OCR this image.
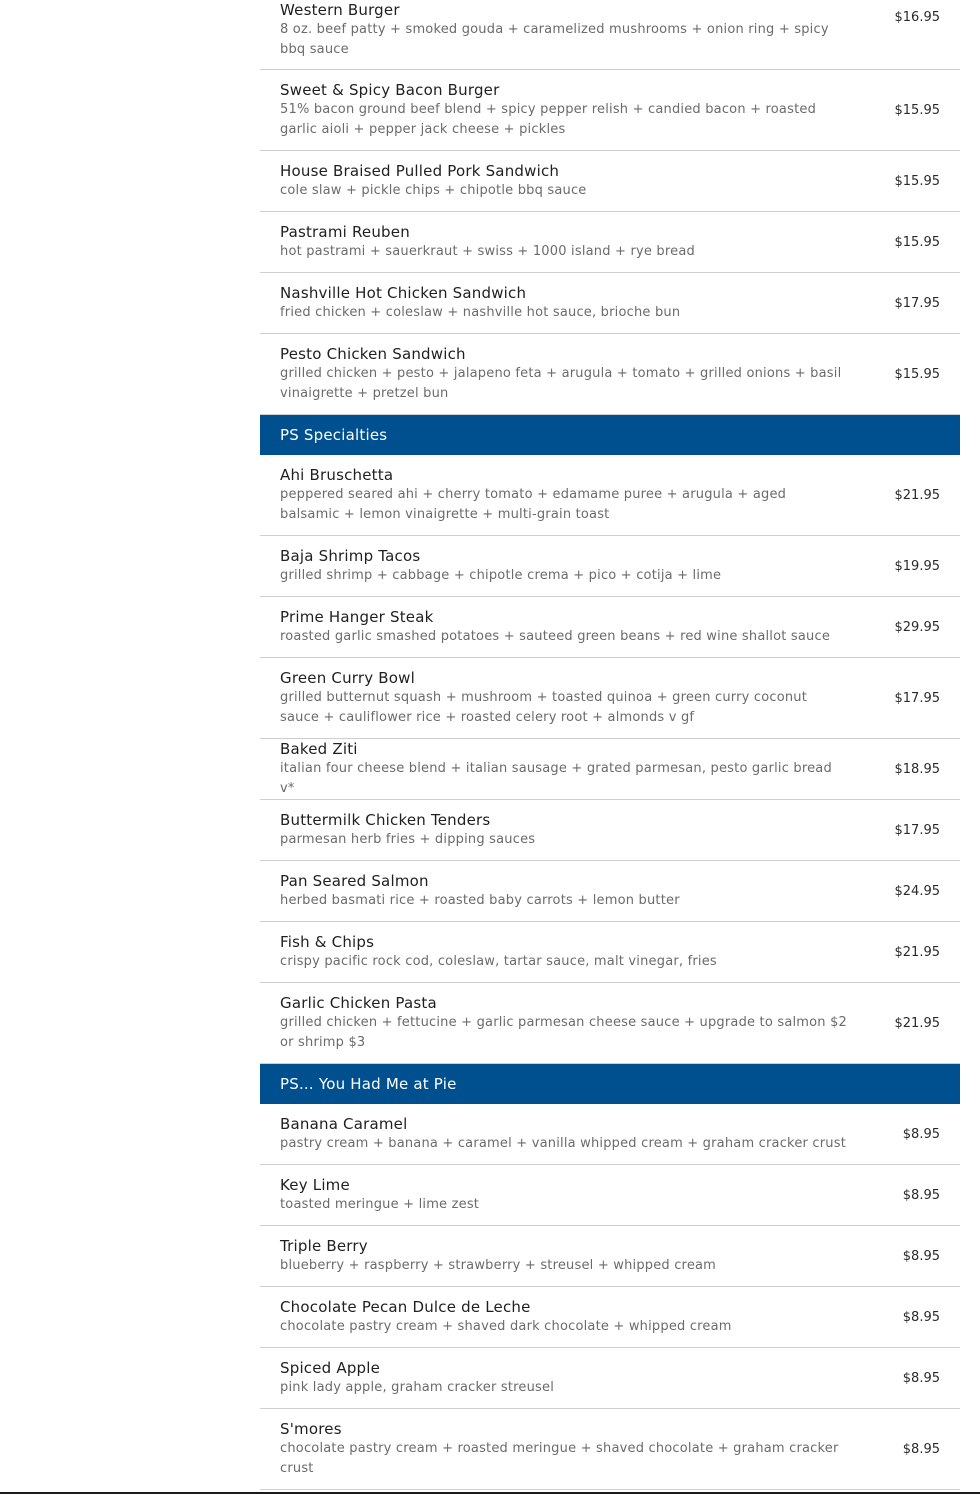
Western Burger
8 oz. beef patty + smoked gouda + caramelized mushrooms + onion ring + spicy bbq sauce
$16.95
Sweet & Spicy Bacon Burger
51% bacon ground beef blend + spicy pepper relish + candied bacon + roasted garlic aioli + pepper jack cheese + pickles
$15.95
House Braised Pulled Pork Sandwich
cole slaw + pickle chips + chipotle bbq sauce
$15.95
Pastrami Reuben
hot pastrami + sauerkraut + swiss + 1000 island + rye bread
$15.95
Nashville Hot Chicken Sandwich
fried chicken + coleslaw + nashville hot sauce, brioche bun
$17.95
Pesto Chicken Sandwich
grilled chicken + pesto + jalapeno feta + arugula + tomato + grilled onions + basil vinaigrette + pretzel bun
$15.95
PS Specialties
Ahi Bruschetta
peppered seared ahi + cherry tomato + edamame puree + arugula + aged balsamic + lemon vinaigrette + multi-grain toast
$21.95
Baja Shrimp Tacos
grilled shrimp + cabbage + chipotle crema + pico + cotija + lime
$19.95
Prime Hanger Steak
roasted garlic smashed potatoes + sauteed green beans + red wine shallot sauce
$29.95
Green Curry Bowl
grilled butternut squash + mushroom + toasted quinoa + green curry coconut sauce + cauliflower rice + roasted celery root + almonds v gf
$17.95
Baked Ziti
italian four cheese blend + italian sausage + grated parmesan, pesto garlic bread v*
$18.95
Buttermilk Chicken Tenders
parmesan herb fries + dipping sauces
$17.95
Pan Seared Salmon
herbed basmati rice + roasted baby carrots + lemon butter
$24.95
Fish & Chips
crispy pacific rock cod, coleslaw, tartar sauce, malt vinegar, fries
$21.95
Garlic Chicken Pasta
grilled chicken + fettucine + garlic parmesan cheese sauce + upgrade to salmon $2 or shrimp $3
$21.95
PS... You Had Me at Pie
Banana Caramel
pastry cream + banana + caramel + vanilla whipped cream + graham cracker crust
$8.95
Key Lime
toasted meringue + lime zest
$8.95
Triple Berry
blueberry + raspberry + strawberry + streusel + whipped cream
$8.95
Chocolate Pecan Dulce de Leche
chocolate pastry cream + shaved dark chocolate + whipped cream
$8.95
Spiced Apple
pink lady apple, graham cracker streusel
$8.95
S'mores
chocolate pastry cream + roasted meringue + shaved chocolate + graham cracker crust
$8.95
